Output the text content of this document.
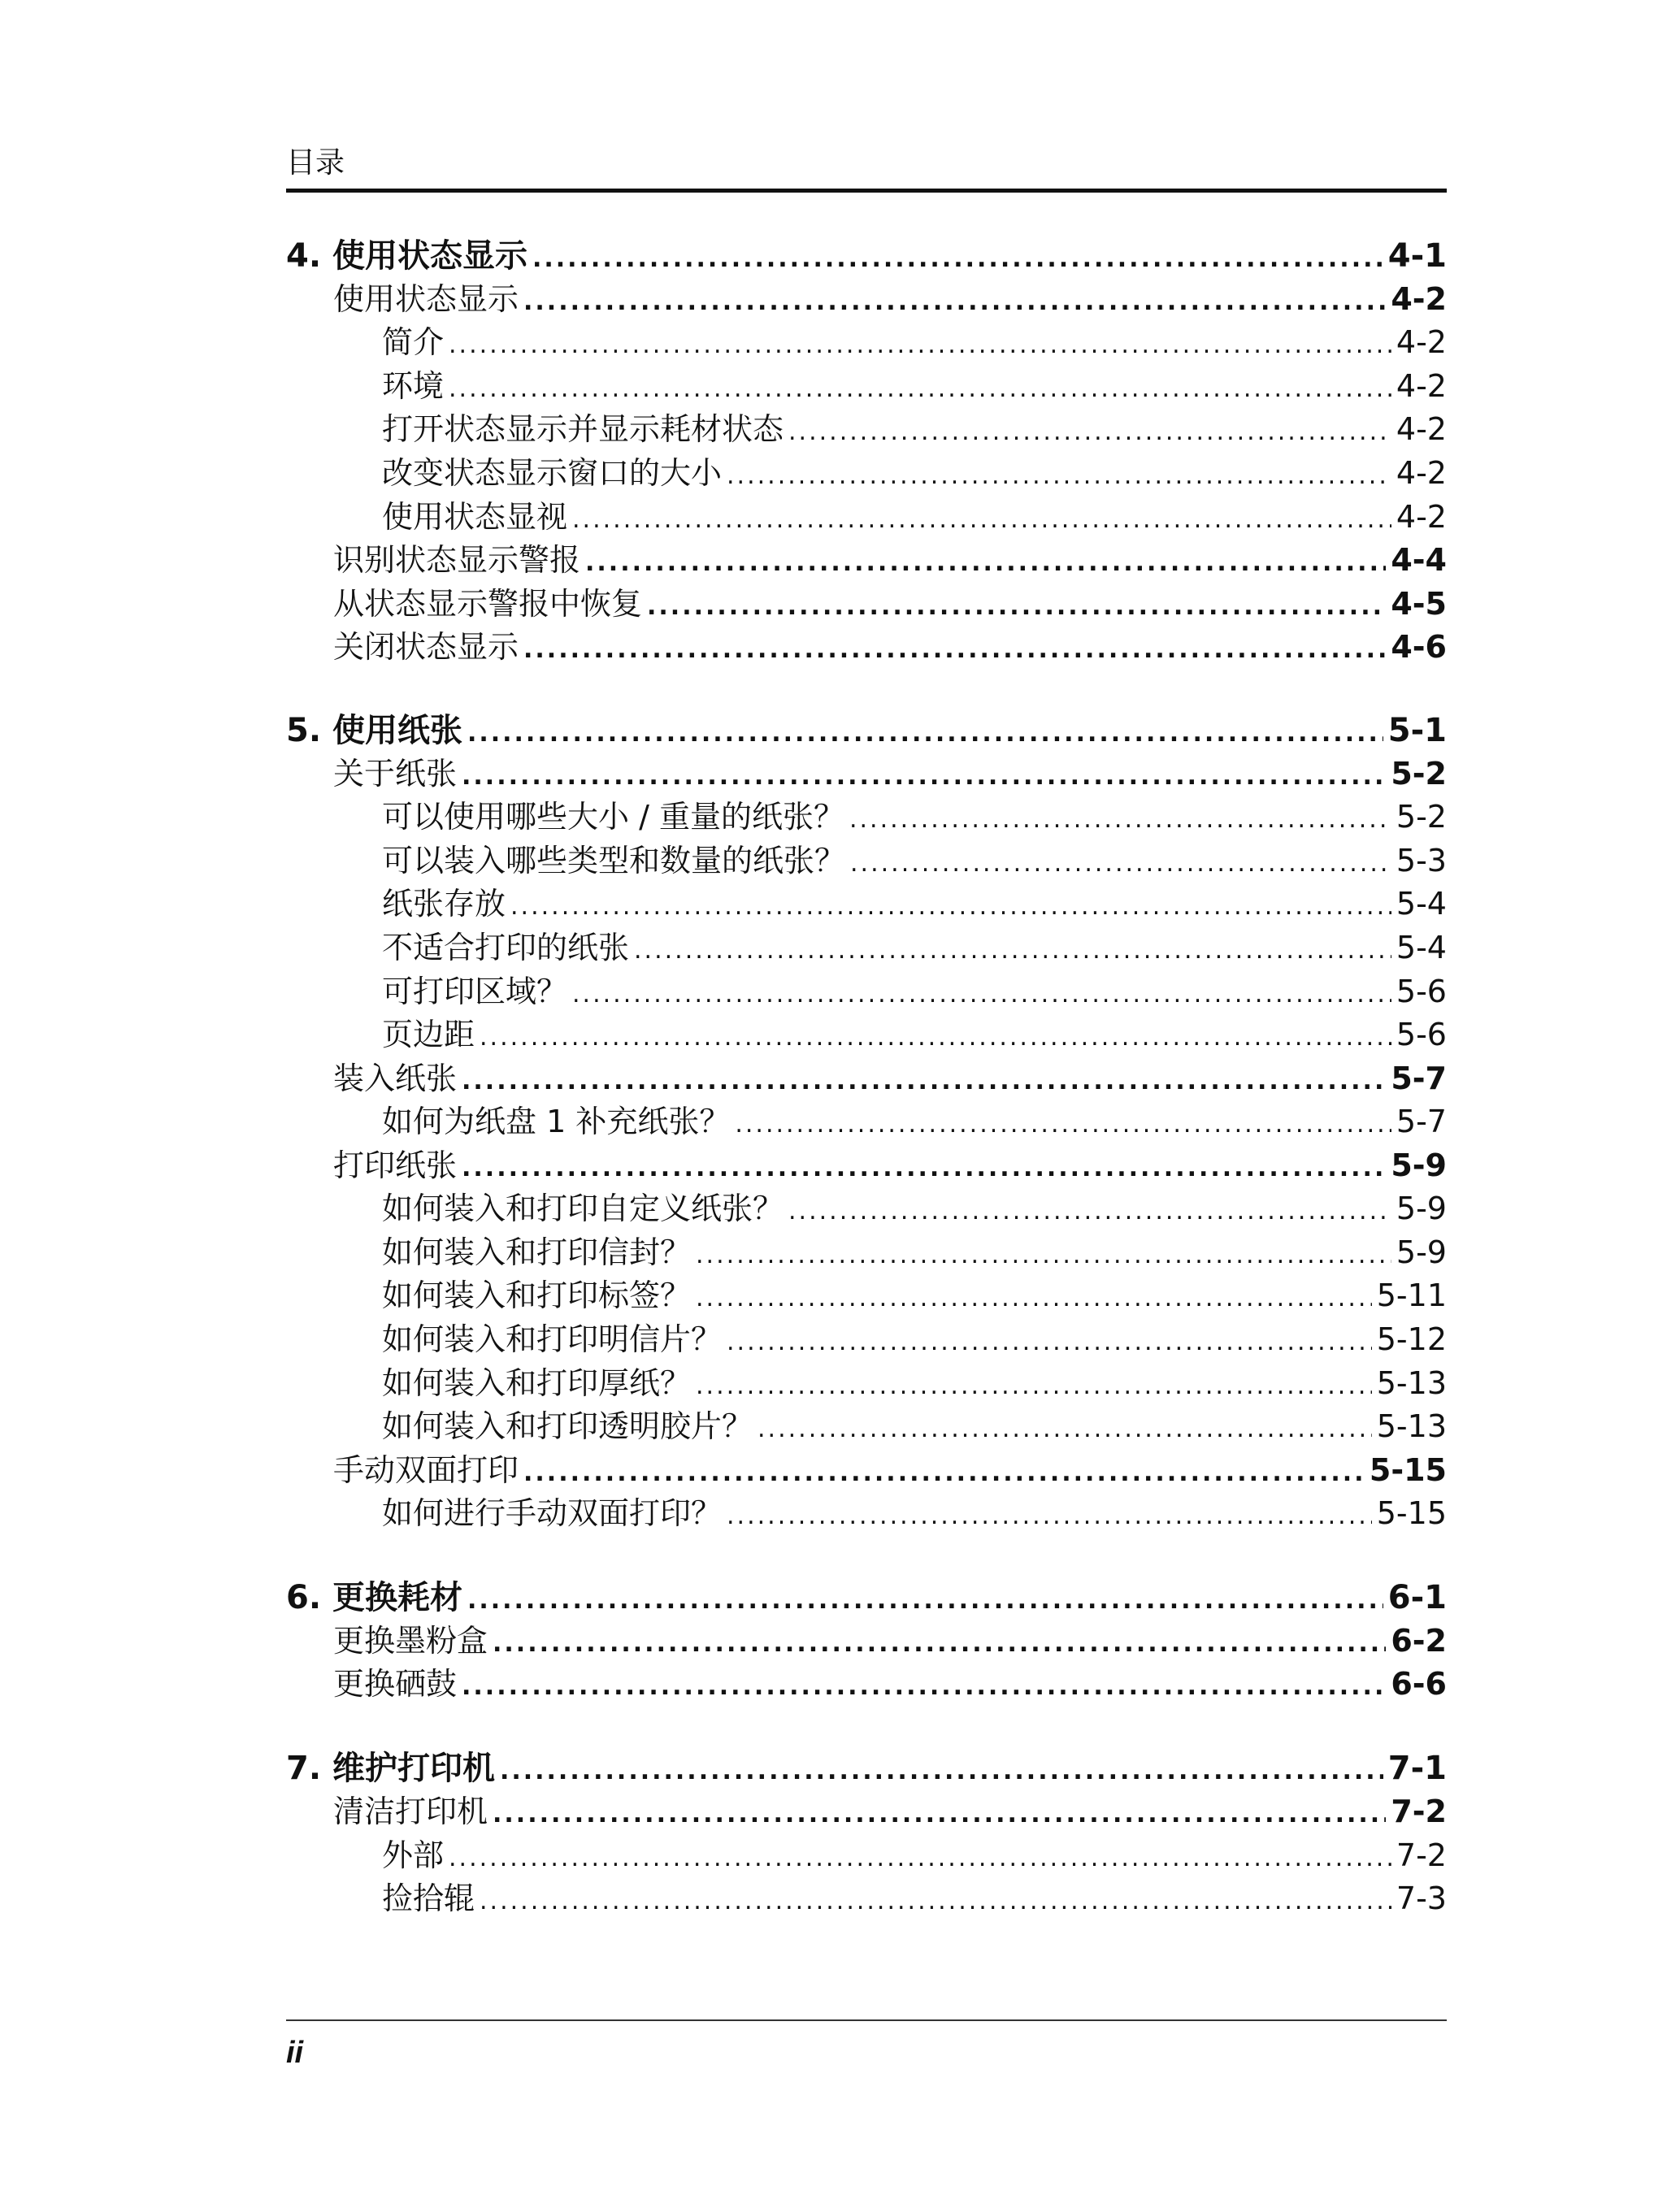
目录
4. 使用状态显示 .....	4-1
使用状态显示 .....	4-2
简介 .....	4-2
环境 .....	4-2
打开状态显示并显示耗材状态 .....	4-2
改变状态显示窗口的大小 .....	4-2
使用状态显视 .....	4-2
识别状态显示警报 .....	4-4
从状态显示警报中恢复 .....	4-5
关闭状态显示 .....	4-6
5. 使用纸张 .....	5-1
关于纸张 .....	5-2
可以使用哪些大小 / 重量的纸张？ .....	5-2
可以装入哪些类型和数量的纸张？ .....	5-3
纸张存放 .....	5-4
不适合打印的纸张 .....	5-4
可打印区域？ .....	5-6
页边距 .....	5-6
装入纸张 .....	5-7
如何为纸盘 1 补充纸张？ .....	5-7
打印纸张 .....	5-9
如何装入和打印自定义纸张？ .....	5-9
如何装入和打印信封？ .....	5-9
如何装入和打印标签？ .....	5-11
如何装入和打印明信片？ .....	5-12
如何装入和打印厚纸？ .....	5-13
如何装入和打印透明胶片？ .....	5-13
手动双面打印 .....	5-15
如何进行手动双面打印？ .....	5-15
6. 更换耗材 .....	6-1
更换墨粉盒 .....	6-2
更换硒鼓 .....	6-6
7. 维护打印机 .....	7-1
清洁打印机 .....	7-2
外部 .....	7-2
捡拾辊 .....	7-3
ii
